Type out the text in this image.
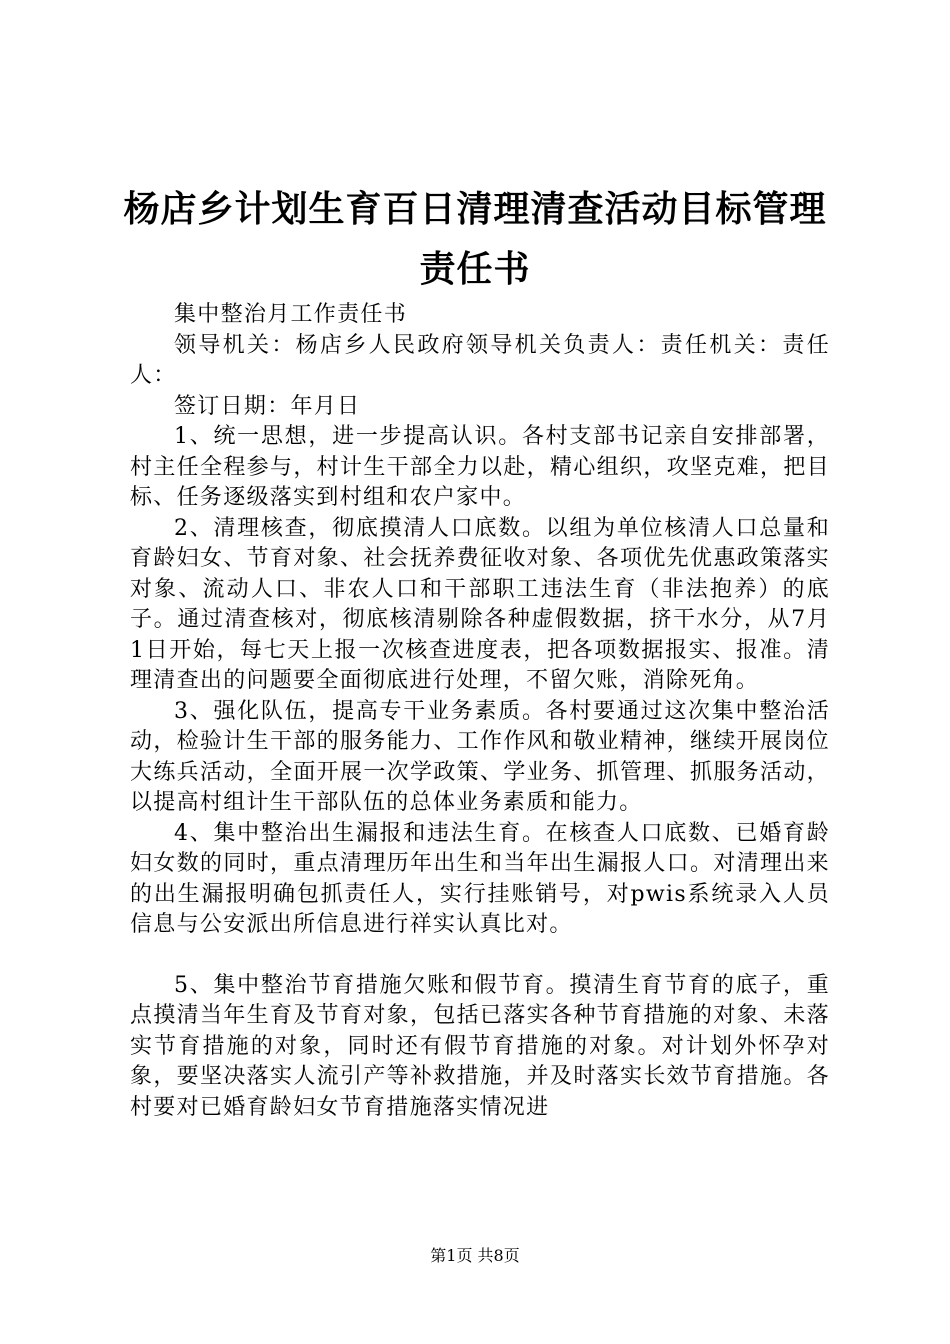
杨店乡计划生育百日清理清查活动目标管理责任书

集中整治月工作责任书

领导机关：杨店乡人民政府领导机关负责人：责任机关：责任人：

签订日期：年月日

1、统一思想，进一步提高认识。各村支部书记亲自安排部署，村主任全程参与，村计生干部全力以赴，精心组织，攻坚克难，把目标、任务逐级落实到村组和农户家中。

2、清理核查，彻底摸清人口底数。以组为单位核清人口总量和育龄妇女、节育对象、社会抚养费征收对象、各项优先优惠政策落实对象、流动人口、非农人口和干部职工违法生育（非法抱养）的底子。通过清查核对，彻底核清剔除各种虚假数据，挤干水分，从7月1日开始，每七天上报一次核查进度表，把各项数据报实、报准。清理清查出的问题要全面彻底进行处理，不留欠账，消除死角。

3、强化队伍，提高专干业务素质。各村要通过这次集中整治活动，检验计生干部的服务能力、工作作风和敬业精神，继续开展岗位大练兵活动，全面开展一次学政策、学业务、抓管理、抓服务活动，以提高村组计生干部队伍的总体业务素质和能力。

4、集中整治出生漏报和违法生育。在核查人口底数、已婚育龄妇女数的同时，重点清理历年出生和当年出生漏报人口。对清理出来的出生漏报明确包抓责任人，实行挂账销号，对pwis系统录入人员信息与公安派出所信息进行祥实认真比对。

5、集中整治节育措施欠账和假节育。摸清生育节育的底子，重点摸清当年生育及节育对象，包括已落实各种节育措施的对象、未落实节育措施的对象，同时还有假节育措施的对象。对计划外怀孕对象，要坚决落实人流引产等补救措施，并及时落实长效节育措施。各村要对已婚育龄妇女节育措施落实情况进

第1页 共8页
